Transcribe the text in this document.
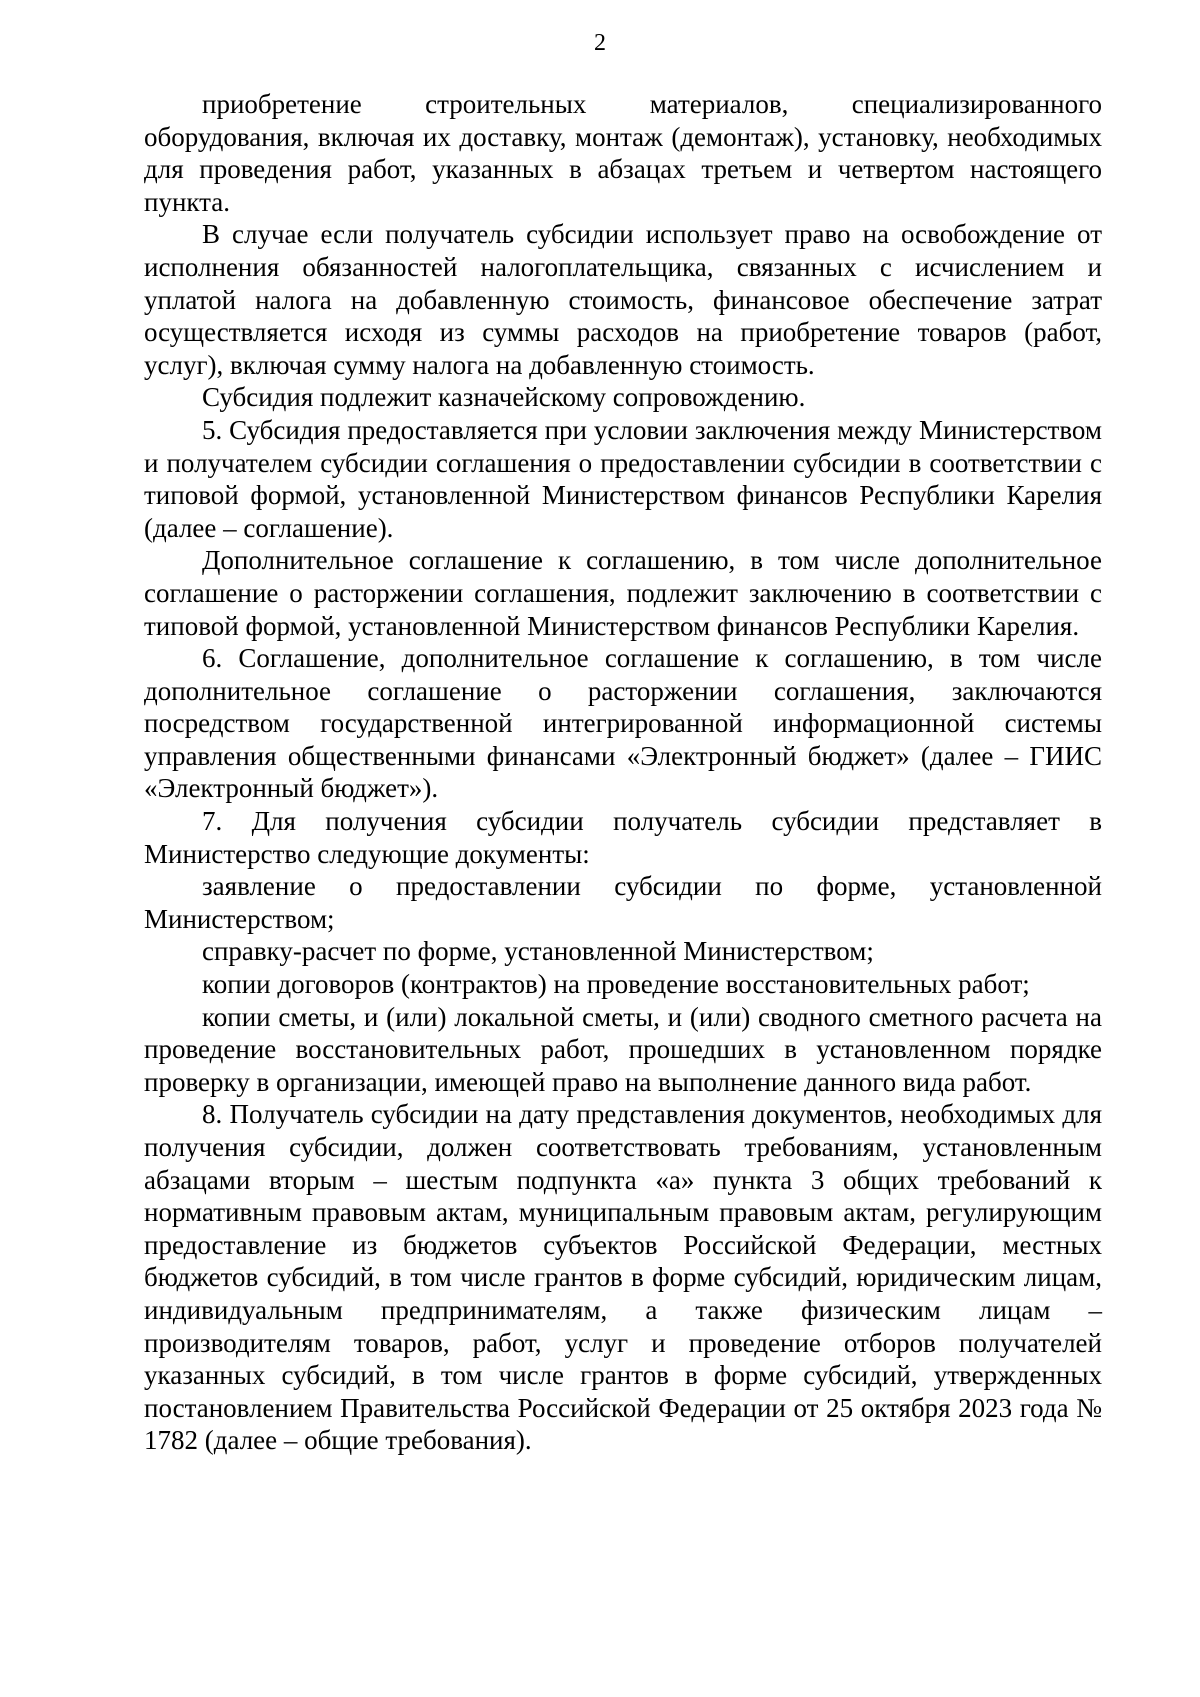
2

приобретение строительных материалов, специализированного оборудования, включая их доставку, монтаж (демонтаж), установку, необходимых для проведения работ, указанных в абзацах третьем и четвертом настоящего пункта.

В случае если получатель субсидии использует право на освобождение от исполнения обязанностей налогоплательщика, связанных с исчислением и уплатой налога на добавленную стоимость, финансовое обеспечение затрат осуществляется исходя из суммы расходов на приобретение товаров (работ, услуг), включая сумму налога на добавленную стоимость.

Субсидия подлежит казначейскому сопровождению.

5. Субсидия предоставляется при условии заключения между Министерством и получателем субсидии соглашения о предоставлении субсидии в соответствии с типовой формой, установленной Министерством финансов Республики Карелия (далее – соглашение).

Дополнительное соглашение к соглашению, в том числе дополнительное соглашение о расторжении соглашения, подлежит заключению в соответствии с типовой формой, установленной Министерством финансов Республики Карелия.

6. Соглашение, дополнительное соглашение к соглашению, в том числе дополнительное соглашение о расторжении соглашения, заключаются посредством государственной интегрированной информационной системы управления общественными финансами «Электронный бюджет» (далее – ГИИС «Электронный бюджет»).

7. Для получения субсидии получатель субсидии представляет в Министерство следующие документы:

заявление о предоставлении субсидии по форме, установленной Министерством;

справку-расчет по форме, установленной Министерством;

копии договоров (контрактов) на проведение восстановительных работ;

копии сметы, и (или) локальной сметы, и (или) сводного сметного расчета на проведение восстановительных работ, прошедших в установленном порядке проверку в организации, имеющей право на выполнение данного вида работ.

8. Получатель субсидии на дату представления документов, необходимых для получения субсидии, должен соответствовать требованиям, установленным абзацами вторым – шестым подпункта «а» пункта 3 общих требований к нормативным правовым актам, муниципальным правовым актам, регулирующим предоставление из бюджетов субъектов Российской Федерации, местных бюджетов субсидий, в том числе грантов в форме субсидий, юридическим лицам, индивидуальным предпринимателям, а также физическим лицам – производителям товаров, работ, услуг и проведение отборов получателей указанных субсидий, в том числе грантов в форме субсидий, утвержденных постановлением Правительства Российской Федерации от 25 октября 2023 года № 1782 (далее – общие требования).
